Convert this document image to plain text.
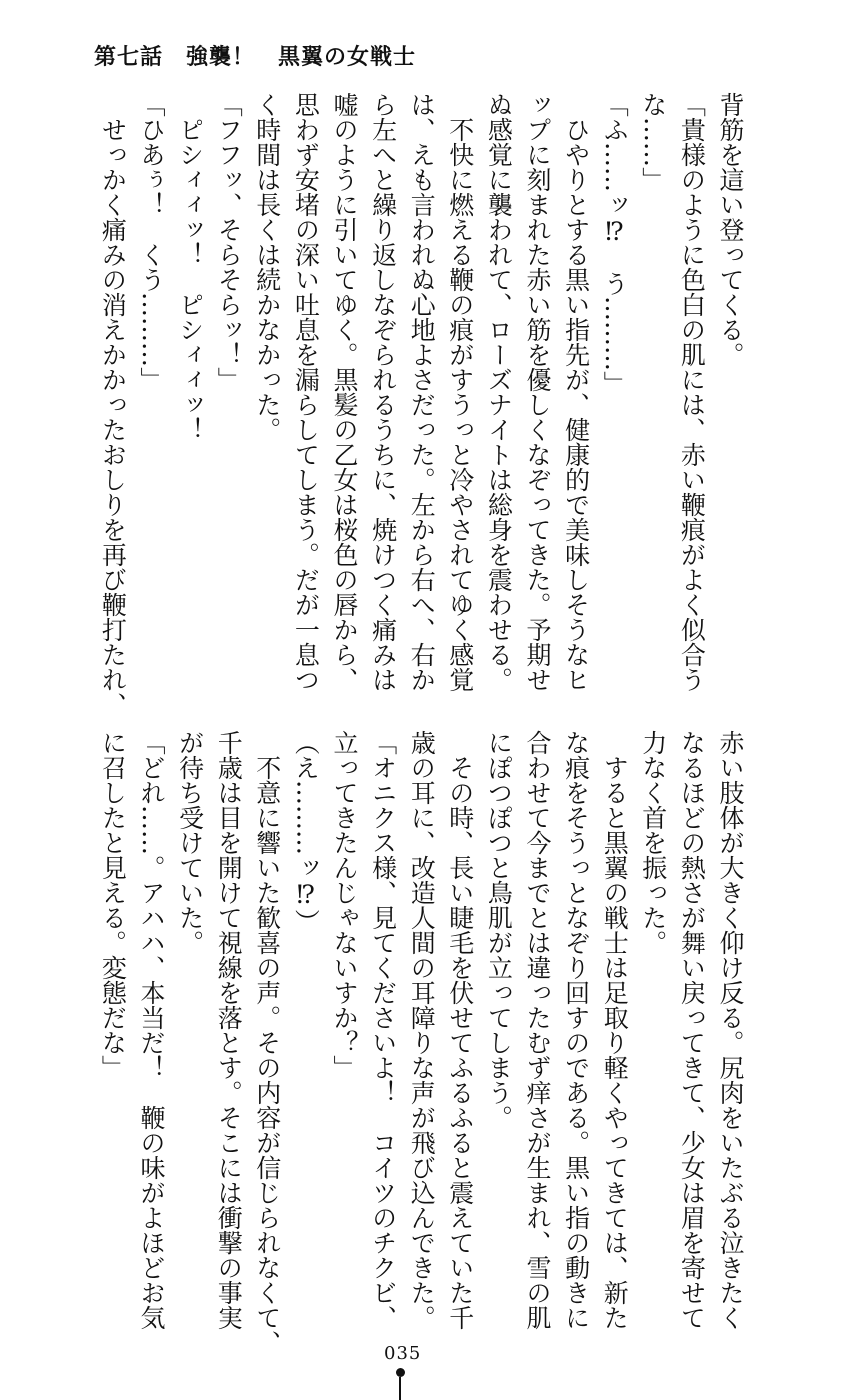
第七話　強襲！　黒翼の女戦士
背筋を這い登ってくる。
「貴様のように色白の肌には、赤い鞭痕がよく似合う
な……」
「ふ……ッ⁉　う………」
ひやりとする黒い指先が、健康的で美味しそうなヒ
ップに刻まれた赤い筋を優しくなぞってきた。予期せ
ぬ感覚に襲われて、ローズナイトは総身を震わせる。
不快に燃える鞭の痕がすうっと冷やされてゆく感覚
は、えも言われぬ心地よさだった。左から右へ、右か
ら左へと繰り返しなぞられるうちに、焼けつく痛みは
嘘のように引いてゆく。黒髪の乙女は桜色の唇から、
思わず安堵の深い吐息を漏らしてしまう。だが一息つ
く時間は長くは続かなかった。
「フフッ、そらそらッ！」
ピシィィッ！　ピシィィッ！
「ひあぅ！　くう………」
せっかく痛みの消えかかったおしりを再び鞭打たれ、
赤い肢体が大きく仰け反る。尻肉をいたぶる泣きたく
なるほどの熱さが舞い戻ってきて、少女は眉を寄せて
力なく首を振った。
すると黒翼の戦士は足取り軽くやってきては、新た
な痕をそうっとなぞり回すのである。黒い指の動きに
合わせて今までとは違ったむず痒さが生まれ、雪の肌
にぽつぽつと鳥肌が立ってしまう。
その時、長い睫毛を伏せてふるふると震えていた千
歳の耳に、改造人間の耳障りな声が飛び込んできた。
「オニクス様、見てくださいよ！　コイツのチクビ、
立ってきたんじゃないすか？」
（え………ッ⁉）
不意に響いた歓喜の声。その内容が信じられなくて、
千歳は目を開けて視線を落とす。そこには衝撃の事実
が待ち受けていた。
「どれ……。アハハ、本当だ！　鞭の味がよほどお気
に召したと見える。変態だな」
035
